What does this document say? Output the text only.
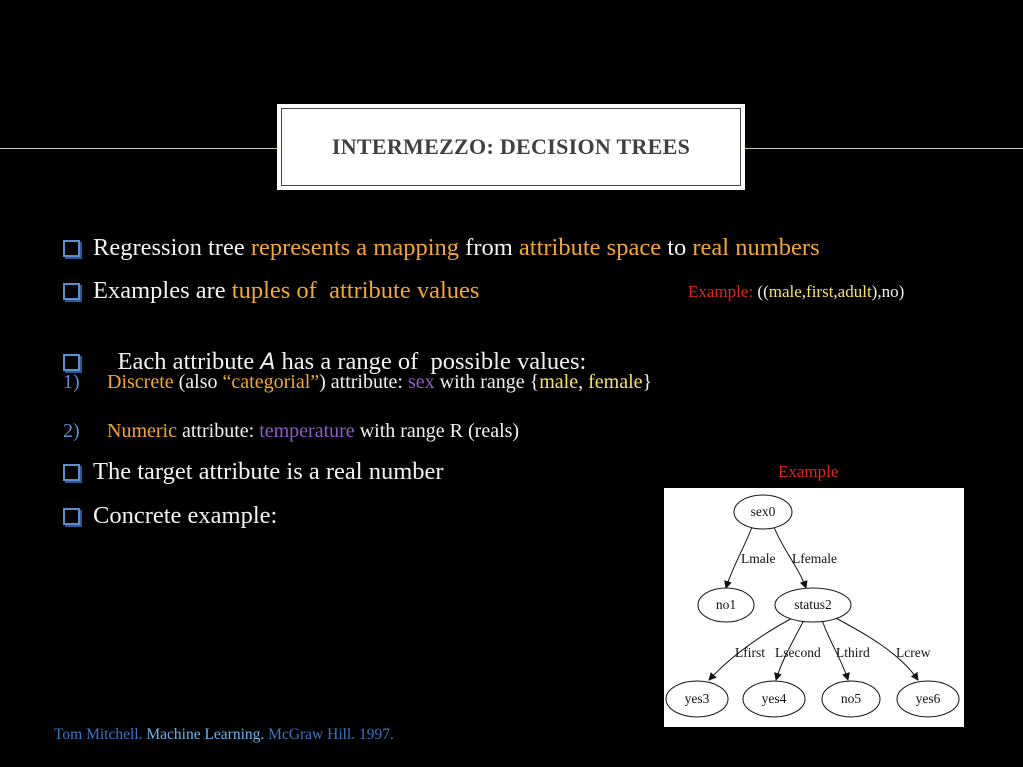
INTERMEZZO: DECISION TREES
Regression tree represents a mapping from attribute space to real numbers
Examples are tuples of  attribute values	Example: ((male,first,adult),no)

Each attribute A has a range of  possible values:

1) Discrete (also “categorial”) attribute: sex with range {male, female}
2) Numeric attribute: temperature with range R (reals)
The target attribute is a real number
Concrete example:
Example
sex0
no1	status2
yes3	yes4	no5	yes6
Lmale Lfemale
Lfirst Lsecond Lthird Lcrew
Tom Mitchell. Machine Learning. McGraw Hill. 1997.
